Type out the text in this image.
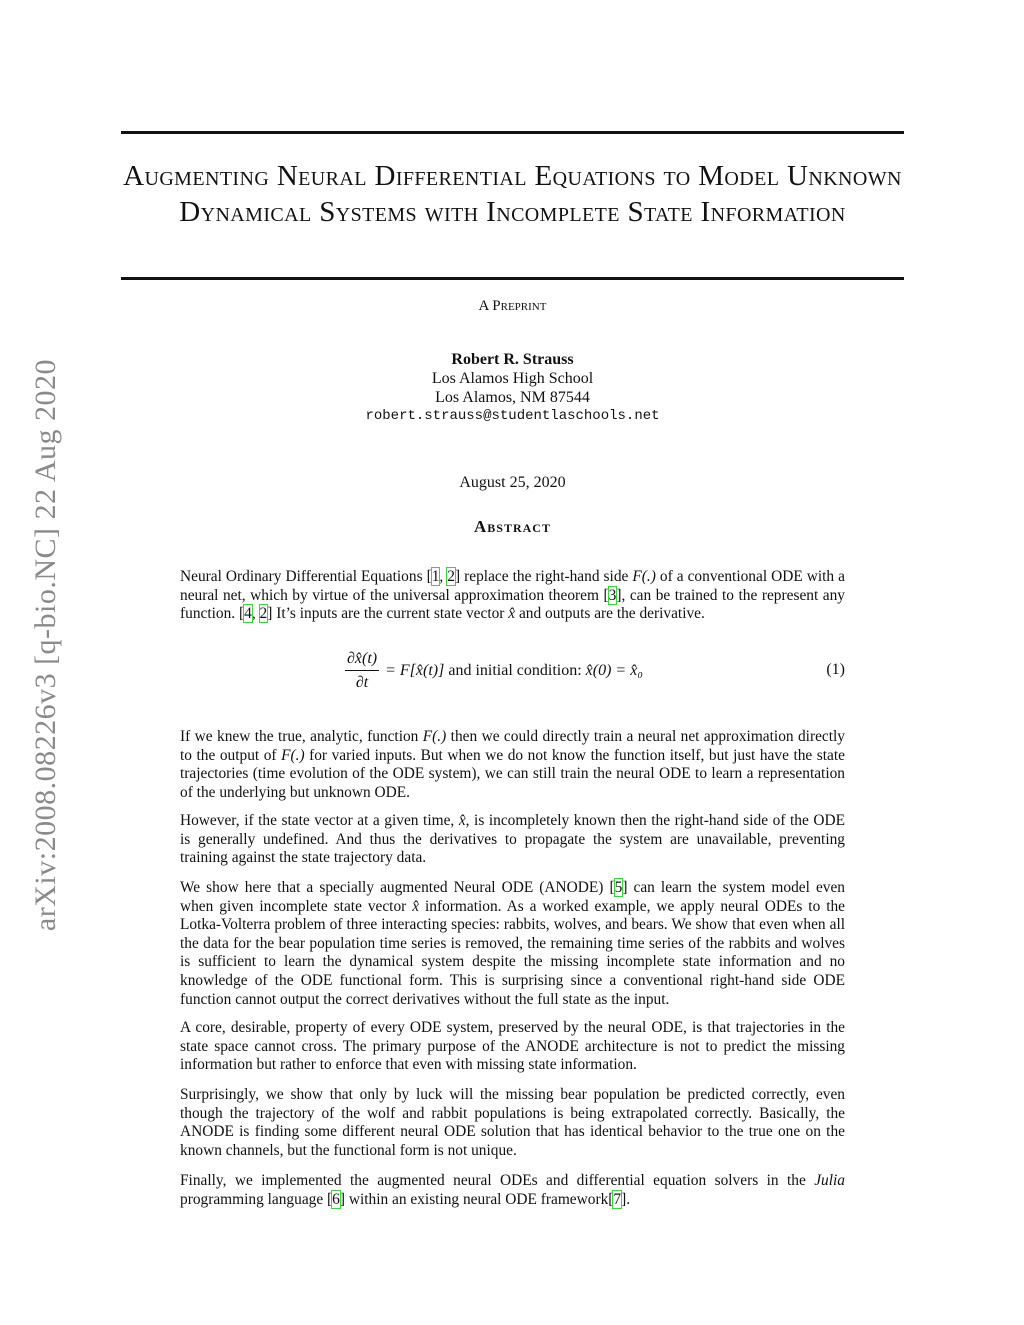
arXiv:2008.08226v3 [q-bio.NC] 22 Aug 2020
Augmenting Neural Differential Equations to Model Unknown Dynamical Systems with Incomplete State Information
A Preprint
Robert R. Strauss
Los Alamos High School
Los Alamos, NM 87544
robert.strauss@studentlaschools.net
August 25, 2020
Abstract

Neural Ordinary Differential Equations [1, 2] replace the right-hand side F(.) of a conventional ODE with a neural net, which by virtue of the universal approximation theorem [3], can be trained to the represent any function. [4, 2] It’s inputs are the current state vector x̂ and outputs are the derivative.

$\frac{\partial x̂(t)}{\partial t}$ = F[x̂(t)] and initial condition: x̂(0) = x̂₀	(1)

If we knew the true, analytic, function F(.) then we could directly train a neural net approximation directly to the output of F(.) for varied inputs. But when we do not know the function itself, but just have the state trajectories (time evolution of the ODE system), we can still train the neural ODE to learn a representation of the underlying but unknown ODE.

However, if the state vector at a given time, x̂, is incompletely known then the right-hand side of the ODE is generally undefined. And thus the derivatives to propagate the system are unavailable, preventing training against the state trajectory data.

We show here that a specially augmented Neural ODE (ANODE) [5] can learn the system model even when given incomplete state vector x̂ information. As a worked example, we apply neural ODEs to the Lotka-Volterra problem of three interacting species: rabbits, wolves, and bears. We show that even when all the data for the bear population time series is removed, the remaining time series of the rabbits and wolves is sufficient to learn the dynamical system despite the missing incomplete state information and no knowledge of the ODE functional form. This is surprising since a conventional right-hand side ODE function cannot output the correct derivatives without the full state as the input.

A core, desirable, property of every ODE system, preserved by the neural ODE, is that trajectories in the state space cannot cross. The primary purpose of the ANODE architecture is not to predict the missing information but rather to enforce that even with missing state information.

Surprisingly, we show that only by luck will the missing bear population be predicted correctly, even though the trajectory of the wolf and rabbit populations is being extrapolated correctly. Basically, the ANODE is finding some different neural ODE solution that has identical behavior to the true one on the known channels, but the functional form is not unique.

Finally, we implemented the augmented neural ODEs and differential equation solvers in the Julia programming language [6] within an existing neural ODE framework[7].
